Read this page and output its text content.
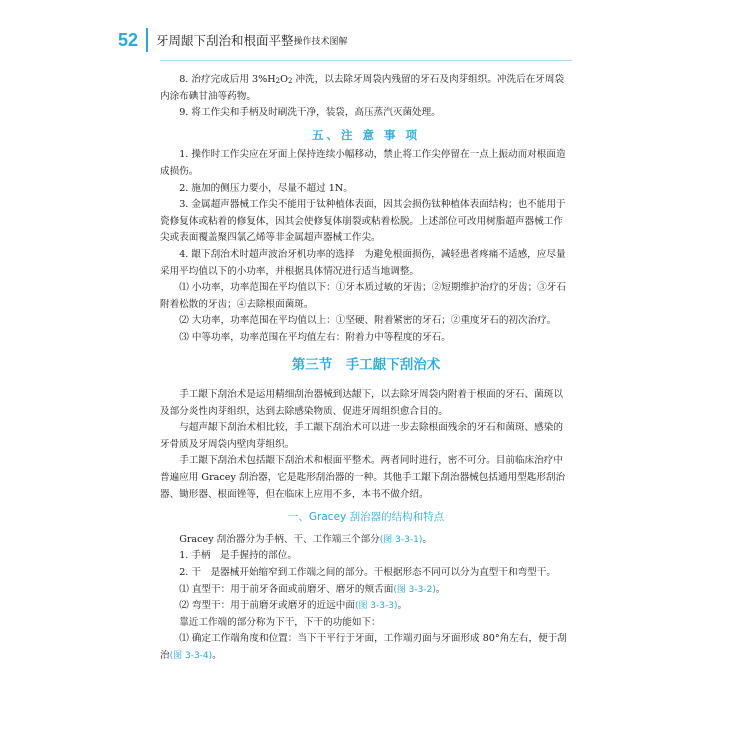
52 牙周龈下刮治和根面平整 操作技术图解

8. 治疗完成后用 $3\%H_2O_2$ 冲洗，以去除牙周袋内残留的牙石及肉芽组织。冲洗后在牙周袋内涂布碘甘油等药物。

9. 将工作尖和手柄及时刷洗干净，装袋，高压蒸汽灭菌处理。

五、注 意 事 项

1. 操作时工作尖应在牙面上保持连续小幅移动，禁止将工作尖停留在一点上振动而对根面造成损伤。

2. 施加的侧压力要小，尽量不超过 1N。

3. 金属超声器械工作尖不能用于钛种植体表面，因其会损伤钛种植体表面结构；也不能用于瓷修复体或粘着的修复体，因其会使修复体崩裂或粘着松脱。上述部位可改用树脂超声器械工作尖或表面覆盖聚四氯乙烯等非金属超声器械工作尖。

4. 龈下刮治术时超声波治牙机功率的选择　为避免根面损伤，减轻患者疼痛不适感，应尽量采用平均值以下的小功率，并根据具体情况进行适当地调整。

⑴ 小功率，功率范围在平均值以下：①牙本质过敏的牙齿；②短期维护治疗的牙齿；③牙石附着松散的牙齿；④去除根面菌斑。

⑵ 大功率，功率范围在平均值以上：①坚硬、附着紧密的牙石；②重度牙石的初次治疗。

⑶ 中等功率，功率范围在平均值左右：附着力中等程度的牙石。

第三节　手工龈下刮治术

手工龈下刮治术是运用精细刮治器械到达龈下，以去除牙周袋内附着于根面的牙石、菌斑以及部分炎性肉芽组织，达到去除感染物质、促进牙周组织愈合目的。

与超声龈下刮治术相比较，手工龈下刮治术可以进一步去除根面残余的牙石和菌斑、感染的牙骨质及牙周袋内壁肉芽组织。

手工龈下刮治术包括龈下刮治术和根面平整术。两者同时进行，密不可分。目前临床治疗中普遍应用 Gracey 刮治器，它是匙形刮治器的一种。其他手工龈下刮治器械包括通用型匙形刮治器、锄形器、根面锉等，但在临床上应用不多，本书不做介绍。

一、Gracey 刮治器的结构和特点

Gracey 刮治器分为手柄、干、工作端三个部分(图 3-3-1)。

1. 手柄　是手握持的部位。

2. 干　是器械开始缩窄到工作端之间的部分。干根据形态不同可以分为直型干和弯型干。

⑴ 直型干：用于前牙各面或前磨牙、磨牙的颊舌面(图 3-3-2)。

⑵ 弯型干：用于前磨牙或磨牙的近远中面(图 3-3-3)。

靠近工作端的部分称为下干，下干的功能如下：

⑴ 确定工作端角度和位置：当下干平行于牙面，工作端刃面与牙面形成 80°角左右，便于刮治(图 3-3-4)。
